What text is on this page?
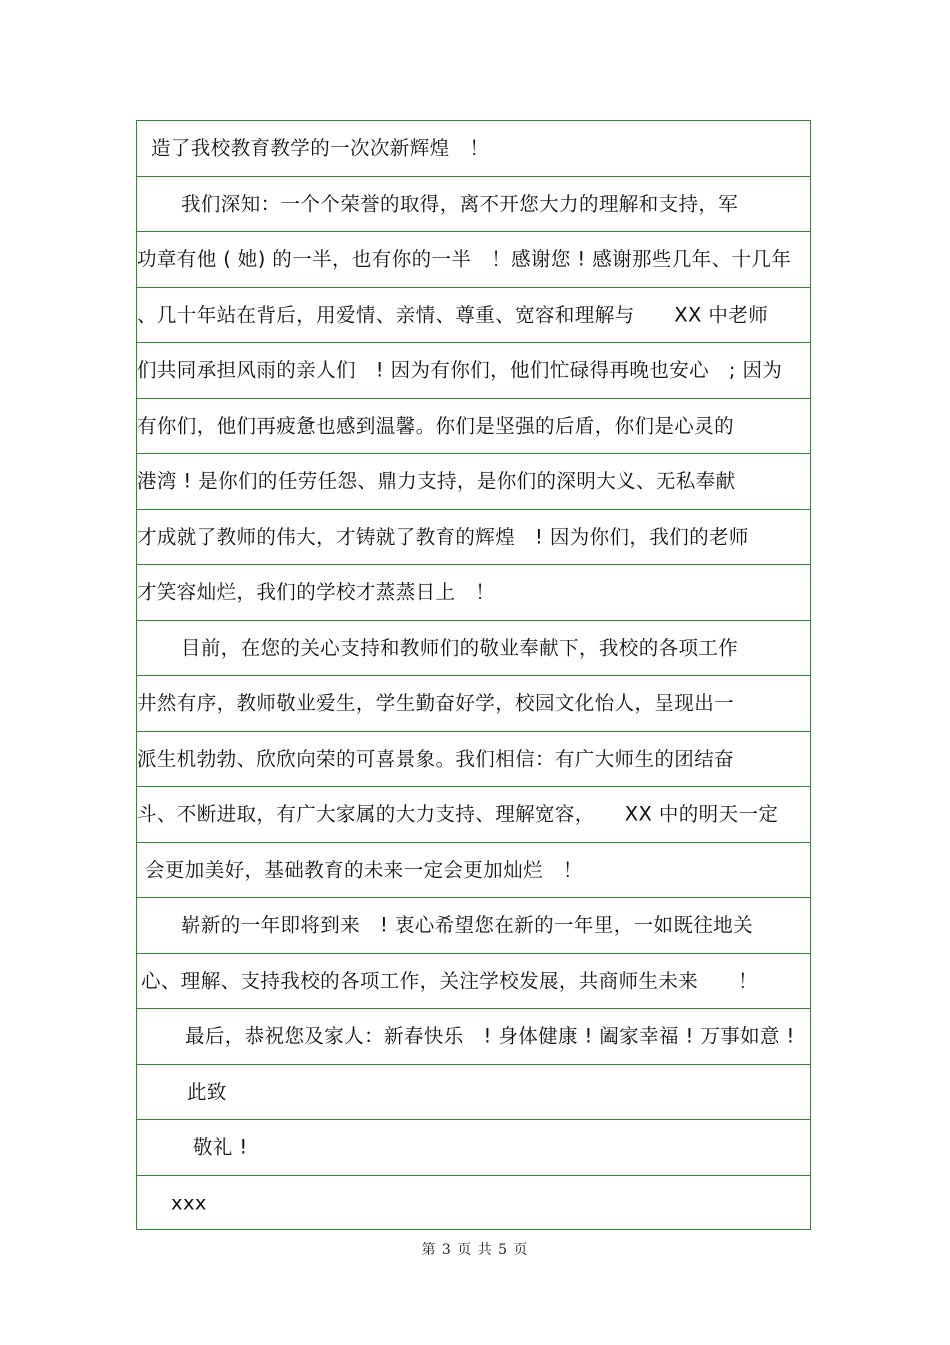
造了我校教育教学的一次次新辉煌　！
我们深知：一个个荣誉的取得，离不开您大力的理解和支持，军
功章有他 ( 她) 的一半，也有你的一半　！感谢您 ! 感谢那些几年、十几年
、几十年站在背后，用爱情、亲情、尊重、宽容和理解与　　XX 中老师
们共同承担风雨的亲人们　! 因为有你们，他们忙碌得再晚也安心　; 因为
有你们，他们再疲惫也感到温馨。你们是坚强的后盾，你们是心灵的
港湾 ! 是你们的任劳任怨、鼎力支持，是你们的深明大义、无私奉献
才成就了教师的伟大，才铸就了教育的辉煌　! 因为你们，我们的老师
才笑容灿烂，我们的学校才蒸蒸日上　！
目前，在您的关心支持和教师们的敬业奉献下，我校的各项工作
井然有序，教师敬业爱生，学生勤奋好学，校园文化怡人，呈现出一
派生机勃勃、欣欣向荣的可喜景象。我们相信：有广大师生的团结奋
斗、不断进取，有广大家属的大力支持、理解宽容，　　XX 中的明天一定
会更加美好，基础教育的未来一定会更加灿烂　！
崭新的一年即将到来　! 衷心希望您在新的一年里，一如既往地关
心、理解、支持我校的各项工作，关注学校发展，共商师生未来　　！
最后，恭祝您及家人：新春快乐　! 身体健康 ! 阖家幸福 ! 万事如意 !
此致
敬礼 !
xxx
第 3 页 共 5 页
